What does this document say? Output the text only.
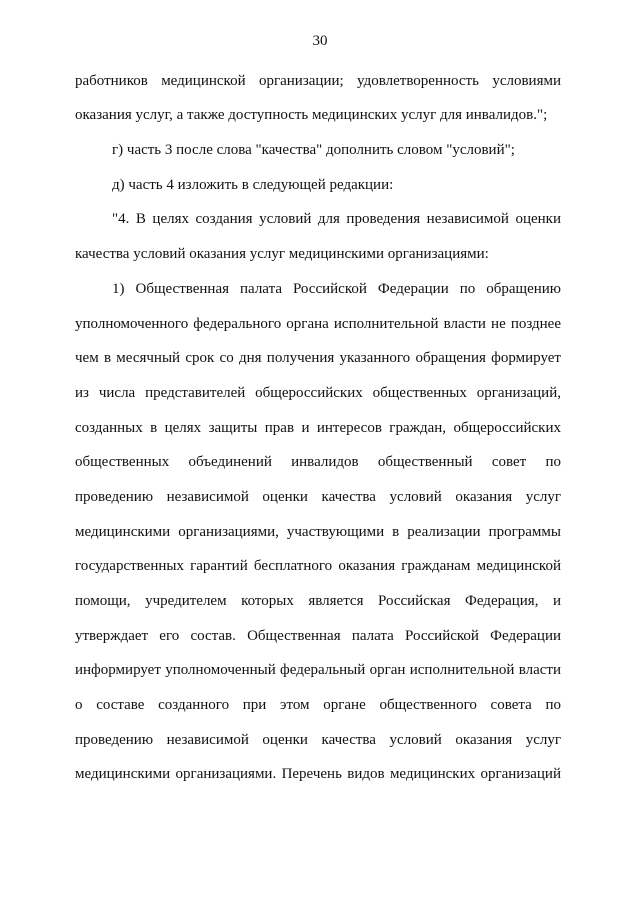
30
работников медицинской организации; удовлетворенность условиями
оказания услуг, а также доступность медицинских услуг для инвалидов.";
г) часть 3 после слова "качества" дополнить словом "условий";
д) часть 4 изложить в следующей редакции:
"4. В целях создания условий для проведения независимой оценки
качества условий оказания услуг медицинскими организациями:
1) Общественная палата Российской Федерации по обращению
уполномоченного федерального органа исполнительной власти не позднее
чем в месячный срок со дня получения указанного обращения формирует
из числа представителей общероссийских общественных организаций,
созданных в целях защиты прав и интересов граждан, общероссийских
общественных объединений инвалидов общественный совет по
проведению независимой оценки качества условий оказания услуг
медицинскими организациями, участвующими в реализации программы
государственных гарантий бесплатного оказания гражданам медицинской
помощи, учредителем которых является Российская Федерация, и
утверждает его состав. Общественная палата Российской Федерации
информирует уполномоченный федеральный орган исполнительной власти
о составе созданного при этом органе общественного совета по
проведению независимой оценки качества условий оказания услуг
медицинскими организациями. Перечень видов медицинских организаций
